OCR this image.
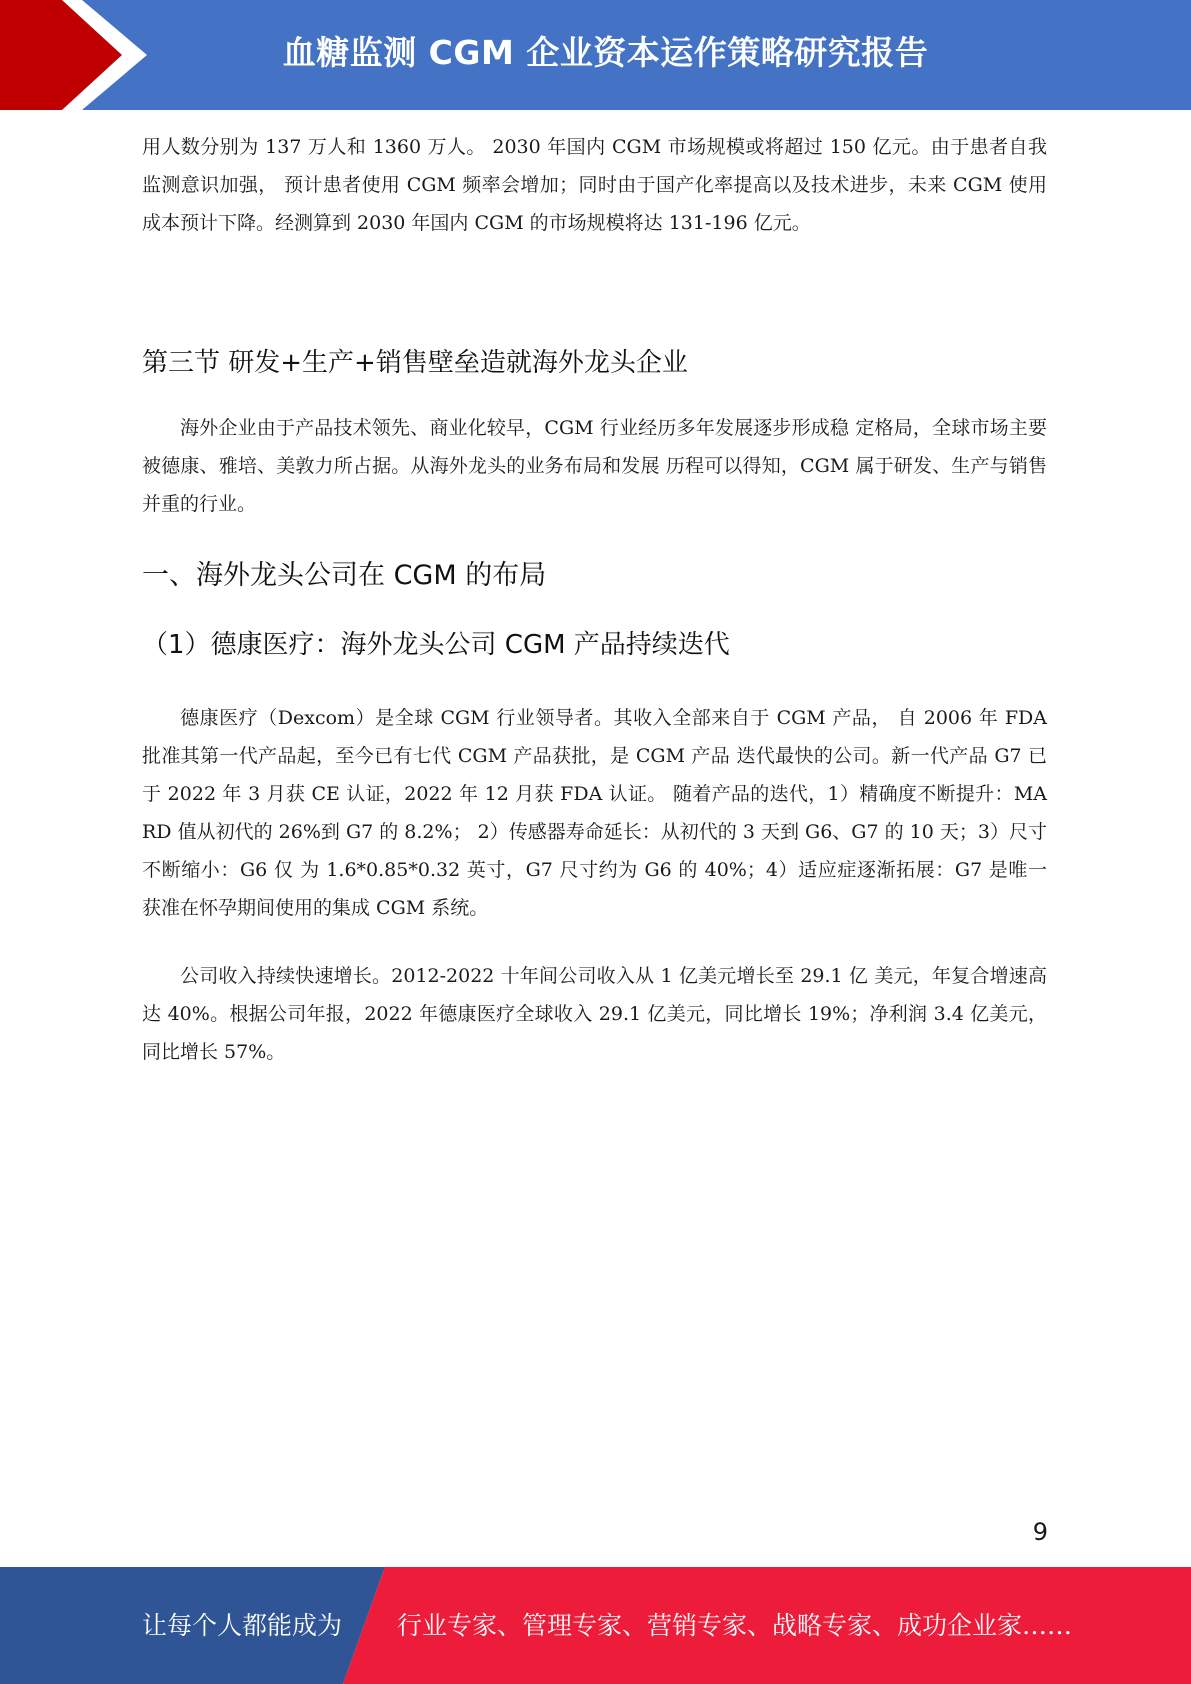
血糖监测 CGM 企业资本运作策略研究报告

用人数分别为 137 万人和 1360 万人。 2030 年国内 CGM 市场规模或将超过 150 亿元。由于患者自我监测意识加强， 预计患者使用 CGM 频率会增加；同时由于国产化率提高以及技术进步，未来 CGM 使用成本预计下降。经测算到 2030 年国内 CGM 的市场规模将达 131-196 亿元。

第三节 研发+生产+销售壁垒造就海外龙头企业

海外企业由于产品技术领先、商业化较早，CGM 行业经历多年发展逐步形成稳 定格局，全球市场主要被德康、雅培、美敦力所占据。从海外龙头的业务布局和发展 历程可以得知，CGM 属于研发、生产与销售并重的行业。

一、海外龙头公司在 CGM 的布局
（1）德康医疗：海外龙头公司 CGM 产品持续迭代

德康医疗（Dexcom）是全球 CGM 行业领导者。其收入全部来自于 CGM 产品， 自 2006 年 FDA 批准其第一代产品起，至今已有七代 CGM 产品获批，是 CGM 产品 迭代最快的公司。新一代产品 G7 已于 2022 年 3 月获 CE 认证，2022 年 12 月获 FDA 认证。 随着产品的迭代，1）精确度不断提升：MARD 值从初代的 26%到 G7 的 8.2%； 2）传感器寿命延长：从初代的 3 天到 G6、G7 的 10 天；3）尺寸不断缩小：G6 仅 为 1.6*0.85*0.32 英寸，G7 尺寸约为 G6 的 40%；4）适应症逐渐拓展：G7 是唯一 获准在怀孕期间使用的集成 CGM 系统。

公司收入持续快速增长。2012-2022 十年间公司收入从 1 亿美元增长至 29.1 亿 美元，年复合增速高达 40%。根据公司年报，2022 年德康医疗全球收入 29.1 亿美元，同比增长 19%；净利润 3.4 亿美元，同比增长 57%。

9
让每个人都能成为 行业专家、管理专家、营销专家、战略专家、成功企业家……
